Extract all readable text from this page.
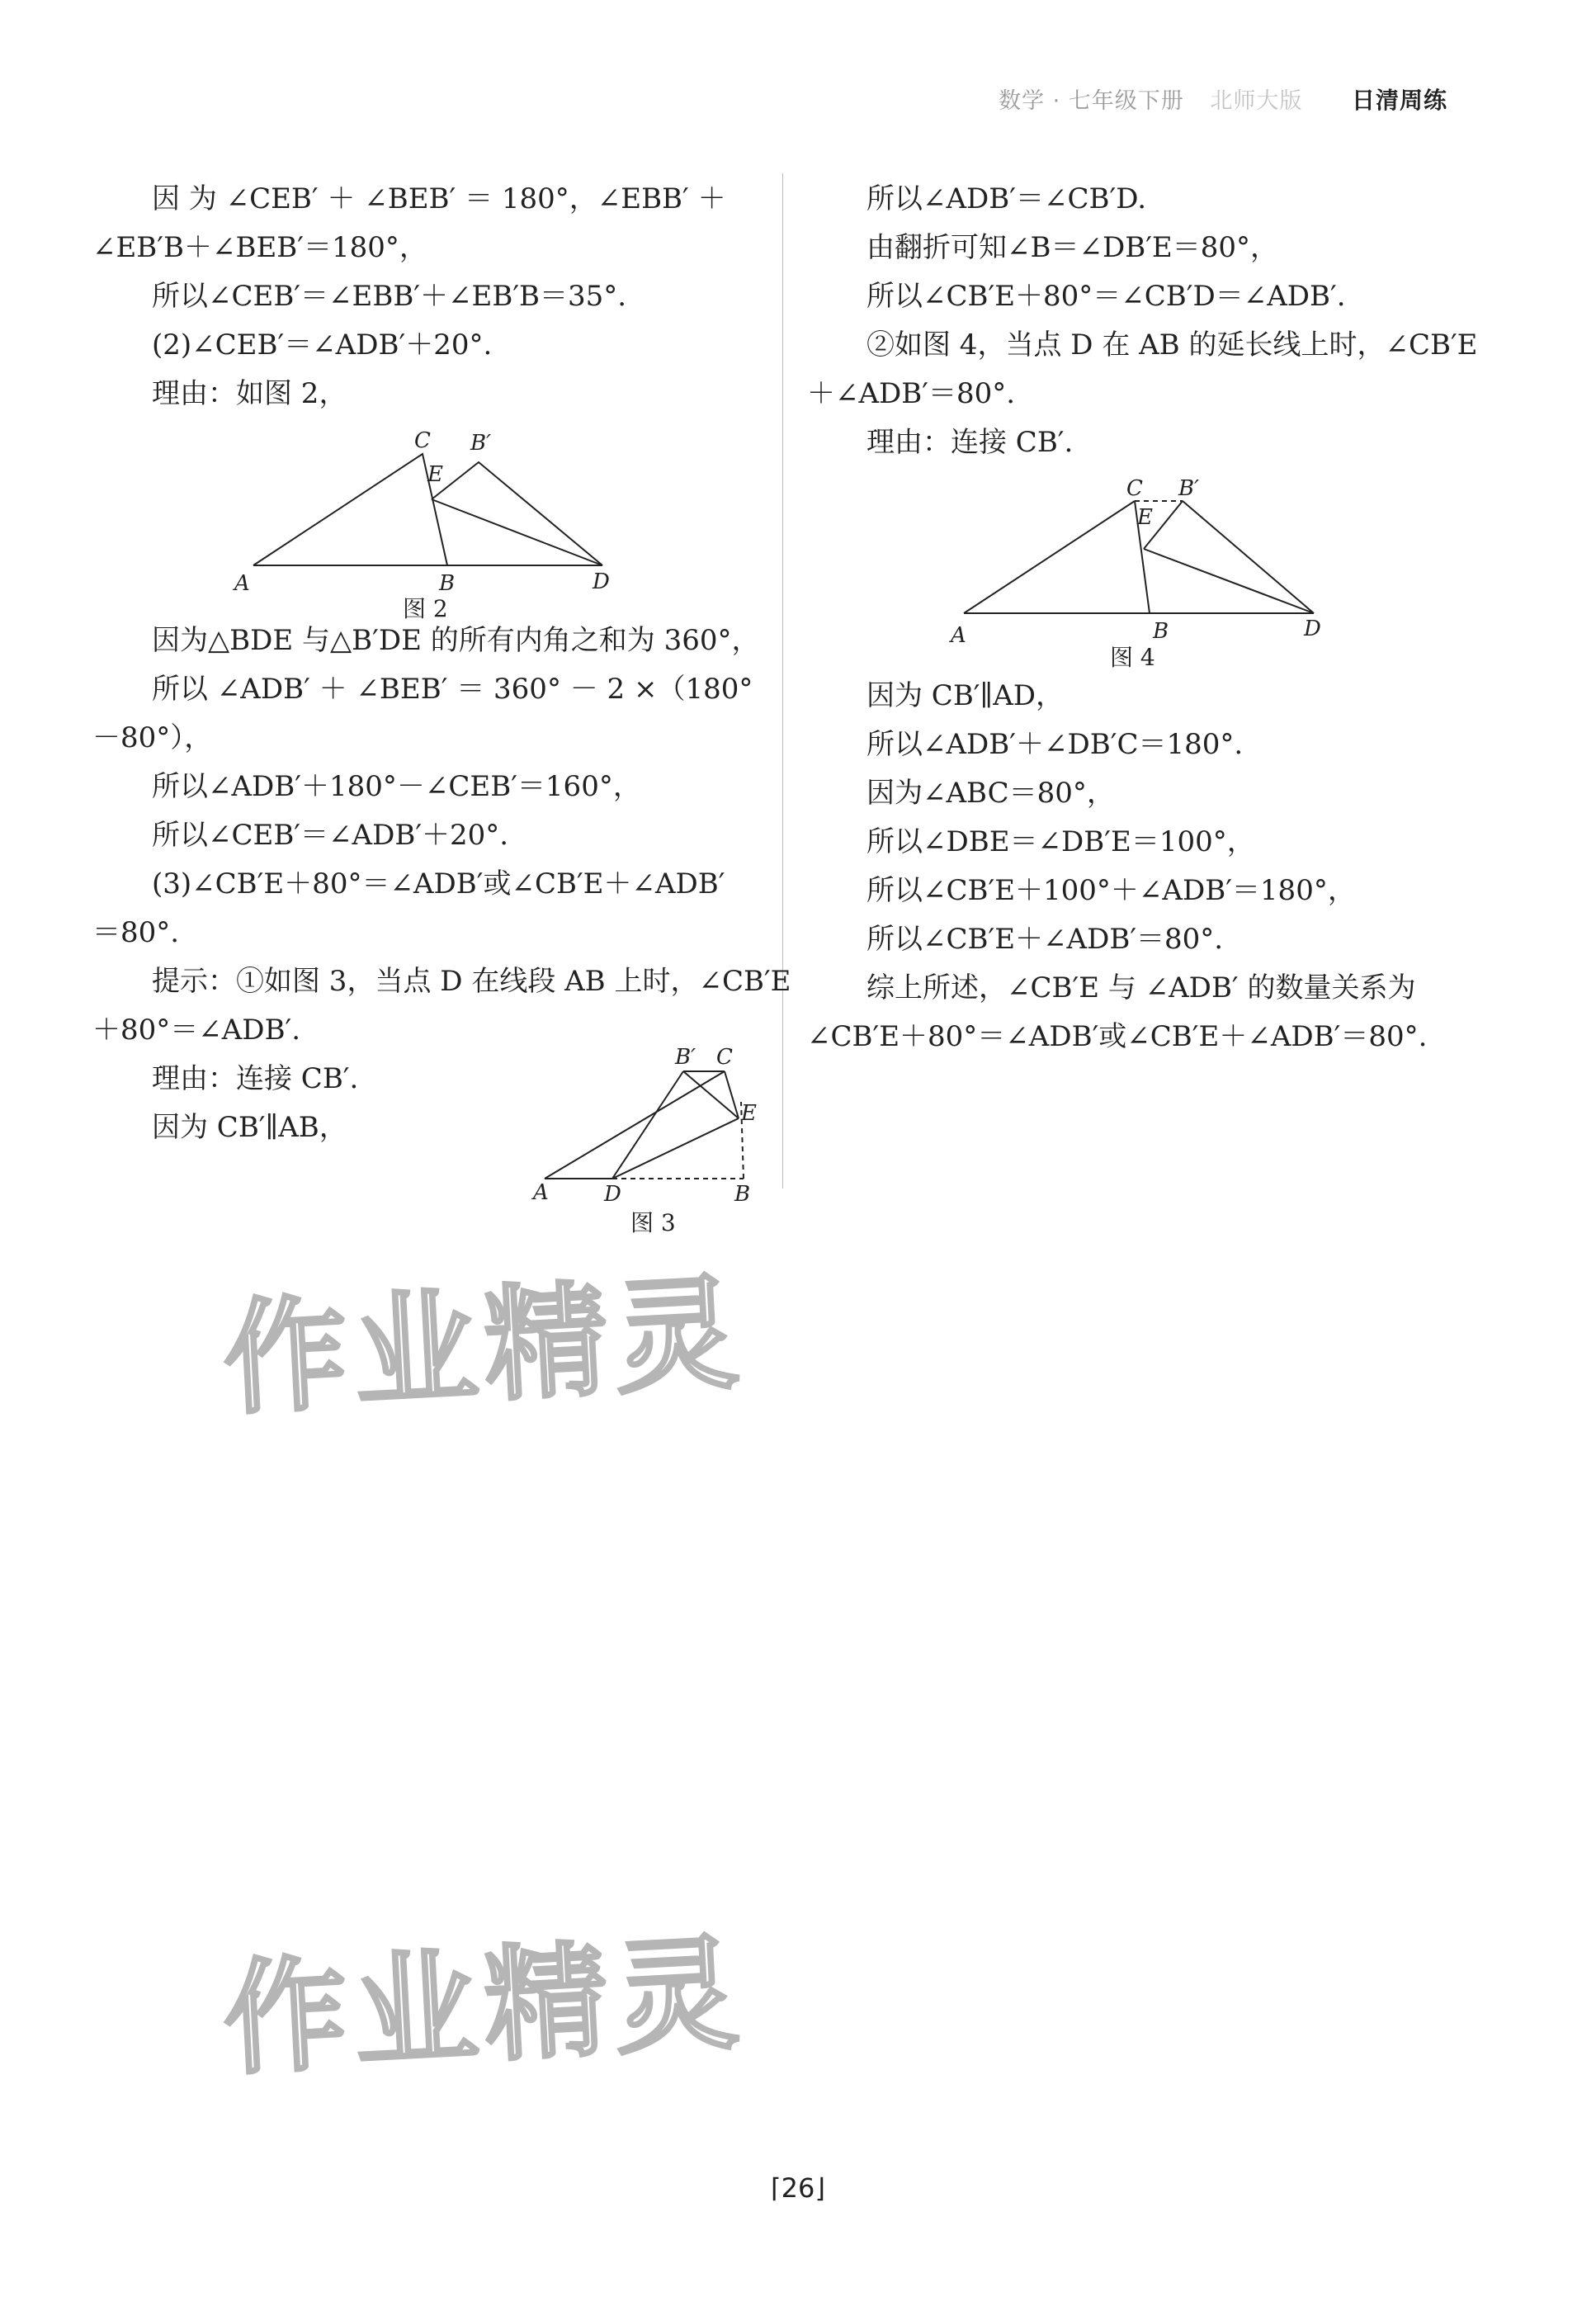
数学 · 七年级下册 北师大版 日清周练

因 为 ∠CEB′ ＋ ∠BEB′ ＝ 180°，∠EBB′ ＋

∠EB′B＋∠BEB′＝180°，

所以∠CEB′＝∠EBB′＋∠EB′B＝35°.

(2)∠CEB′＝∠ADB′＋20°.

理由：如图 2，

因为△BDE 与△B′DE 的所有内角之和为 360°，

所以 ∠ADB′ ＋ ∠BEB′ ＝ 360° － 2 ×（180°

－80°），

所以∠ADB′＋180°－∠CEB′＝160°，

所以∠CEB′＝∠ADB′＋20°.

(3)∠CB′E＋80°＝∠ADB′或∠CB′E＋∠ADB′

＝80°.

提示：①如图 3，当点 D 在线段 AB 上时，∠CB′E

＋80°＝∠ADB′.

理由：连接 CB′.

因为 CB′∥AB，

所以∠ADB′＝∠CB′D.

由翻折可知∠B＝∠DB′E＝80°，

所以∠CB′E＋80°＝∠CB′D＝∠ADB′.

②如图 4，当点 D 在 AB 的延长线上时，∠CB′E

＋∠ADB′＝80°.

理由：连接 CB′.

因为 CB′∥AD，

所以∠ADB′＋∠DB′C＝180°.

因为∠ABC＝80°，

所以∠DBE＝∠DB′E＝100°，

所以∠CB′E＋100°＋∠ADB′＝180°，

所以∠CB′E＋∠ADB′＝80°.

综上所述，∠CB′E 与 ∠ADB′ 的数量关系为

∠CB′E＋80°＝∠ADB′或∠CB′E＋∠ADB′＝80°.

A	B
C
D
E
B′
图 2
A	B
C
D
E
B′
图 3
A	B
C
D
E
B′
图 4
作业精灵
作业精灵
⌈26⌋
